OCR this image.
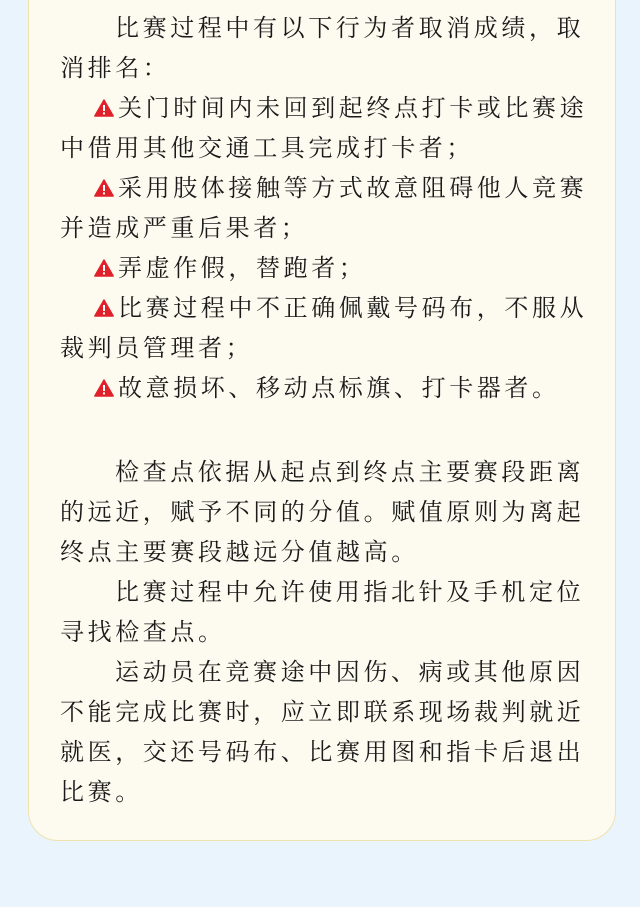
比赛过程中有以下行为者取消成绩，取消排名：

关门时间内未回到起终点打卡或比赛途中借用其他交通工具完成打卡者；

采用肢体接触等方式故意阻碍他人竞赛并造成严重后果者；

弄虚作假，替跑者；

比赛过程中不正确佩戴号码布，不服从裁判员管理者；

故意损坏、移动点标旗、打卡器者。

检查点依据从起点到终点主要赛段距离的远近，赋予不同的分值。赋值原则为离起终点主要赛段越远分值越高。

比赛过程中允许使用指北针及手机定位寻找检查点。

运动员在竞赛途中因伤、病或其他原因不能完成比赛时，应立即联系现场裁判就近就医，交还号码布、比赛用图和指卡后退出比赛。
